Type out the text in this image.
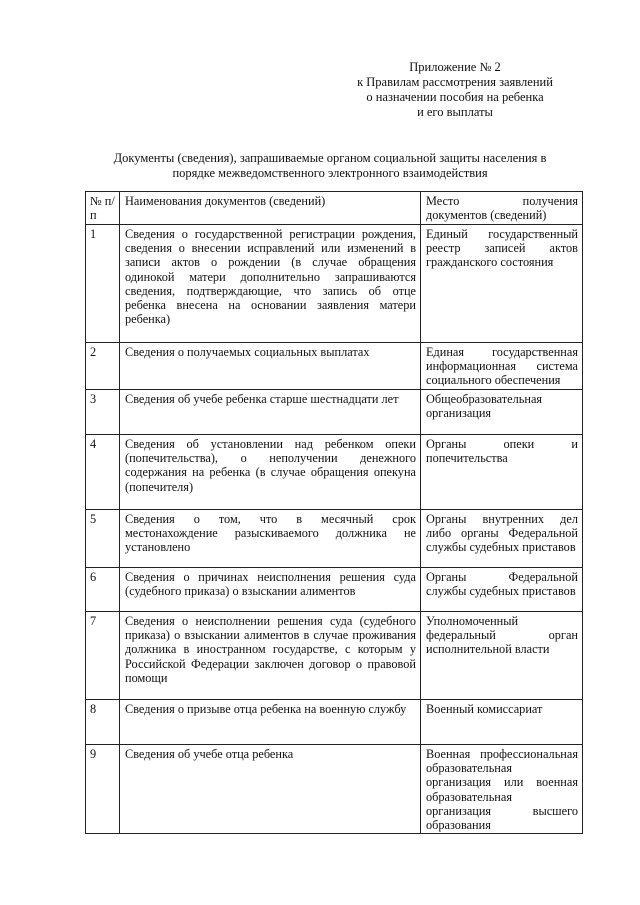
Приложение № 2
к Правилам рассмотрения заявлений
о назначении пособия на ребенка
и его выплаты
Документы (сведения), запрашиваемые органом социальной защиты населения в
порядке межведомственного электронного взаимодействия
№ п/п	Наименования документов (сведений)	Место получения документов (сведений)
1	Сведения о государственной регистрации рождения, сведения о внесении исправлений или изменений в записи актов о рождении (в случае обращения одинокой матери дополнительно запрашиваются сведения, подтверждающие, что запись об отце ребенка внесена на основании заявления матери ребенка)	Единый государственный реестр записей актов гражданского состояния
2	Сведения о получаемых социальных выплатах	Единая государственная информационная система социального обеспечения
3	Сведения об учебе ребенка старше шестнадцати лет	Общеобразовательная организация
4	Сведения об установлении над ребенком опеки (попечительства), о неполучении денежного содержания на ребенка (в случае обращения опекуна (попечителя)	Органы опеки и попечительства
5	Сведения о том, что в месячный срок местонахождение разыскиваемого должника не установлено	Органы внутренних дел либо органы Федеральной службы судебных приставов
6	Сведения о причинах неисполнения решения суда (судебного приказа) о взыскании алиментов	Органы Федеральной службы судебных приставов
7	Сведения о неисполнении решения суда (судебного приказа) о взыскании алиментов в случае проживания должника в иностранном государстве, с которым у Российской Федерации заключен договор о правовой помощи	Уполномоченный федеральный орган исполнительной власти
8	Сведения о призыве отца ребенка на военную службу	Военный комиссариат
9	Сведения об учебе отца ребенка	Военная профессиональная образовательная организация или военная образовательная организация высшего образования
